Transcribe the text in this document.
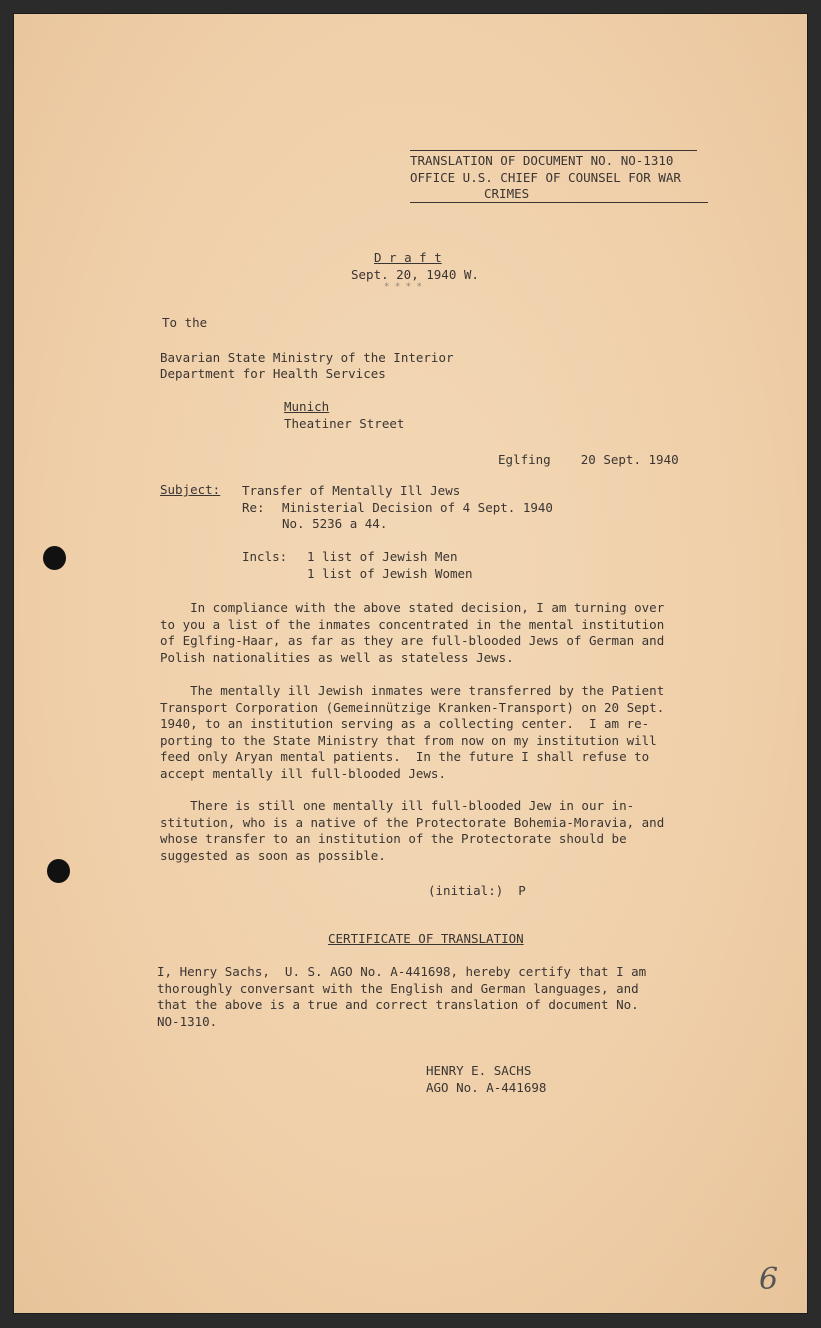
TRANSLATION OF DOCUMENT NO. NO-1310
OFFICE U.S. CHIEF OF COUNSEL FOR WAR
CRIMES
D r a f t
Sept. 20, 1940 W.
* * * *
To the
Bavarian State Ministry of the Interior
Department for Health Services
Munich
Theatiner Street
Eglfing    20 Sept. 1940
Subject: Transfer of Mentally Ill Jews
Re: Ministerial Decision of 4 Sept. 1940
No. 5236 a 44.
Incls: 1 list of Jewish Men
1 list of Jewish Women
In compliance with the above stated decision, I am turning over
to you a list of the inmates concentrated in the mental institution
of Eglfing-Haar, as far as they are full-blooded Jews of German and
Polish nationalities as well as stateless Jews.
The mentally ill Jewish inmates were transferred by the Patient
Transport Corporation (Gemeinnützige Kranken-Transport) on 20 Sept.
1940, to an institution serving as a collecting center.  I am re-
porting to the State Ministry that from now on my institution will
feed only Aryan mental patients.  In the future I shall refuse to
accept mentally ill full-blooded Jews.
There is still one mentally ill full-blooded Jew in our in-
stitution, who is a native of the Protectorate Bohemia-Moravia, and
whose transfer to an institution of the Protectorate should be
suggested as soon as possible.
(initial:)  P
CERTIFICATE OF TRANSLATION
I, Henry Sachs,  U. S. AGO No. A-441698, hereby certify that I am
thoroughly conversant with the English and German languages, and
that the above is a true and correct translation of document No.
NO-1310.
HENRY E. SACHS
AGO No. A-441698
6
